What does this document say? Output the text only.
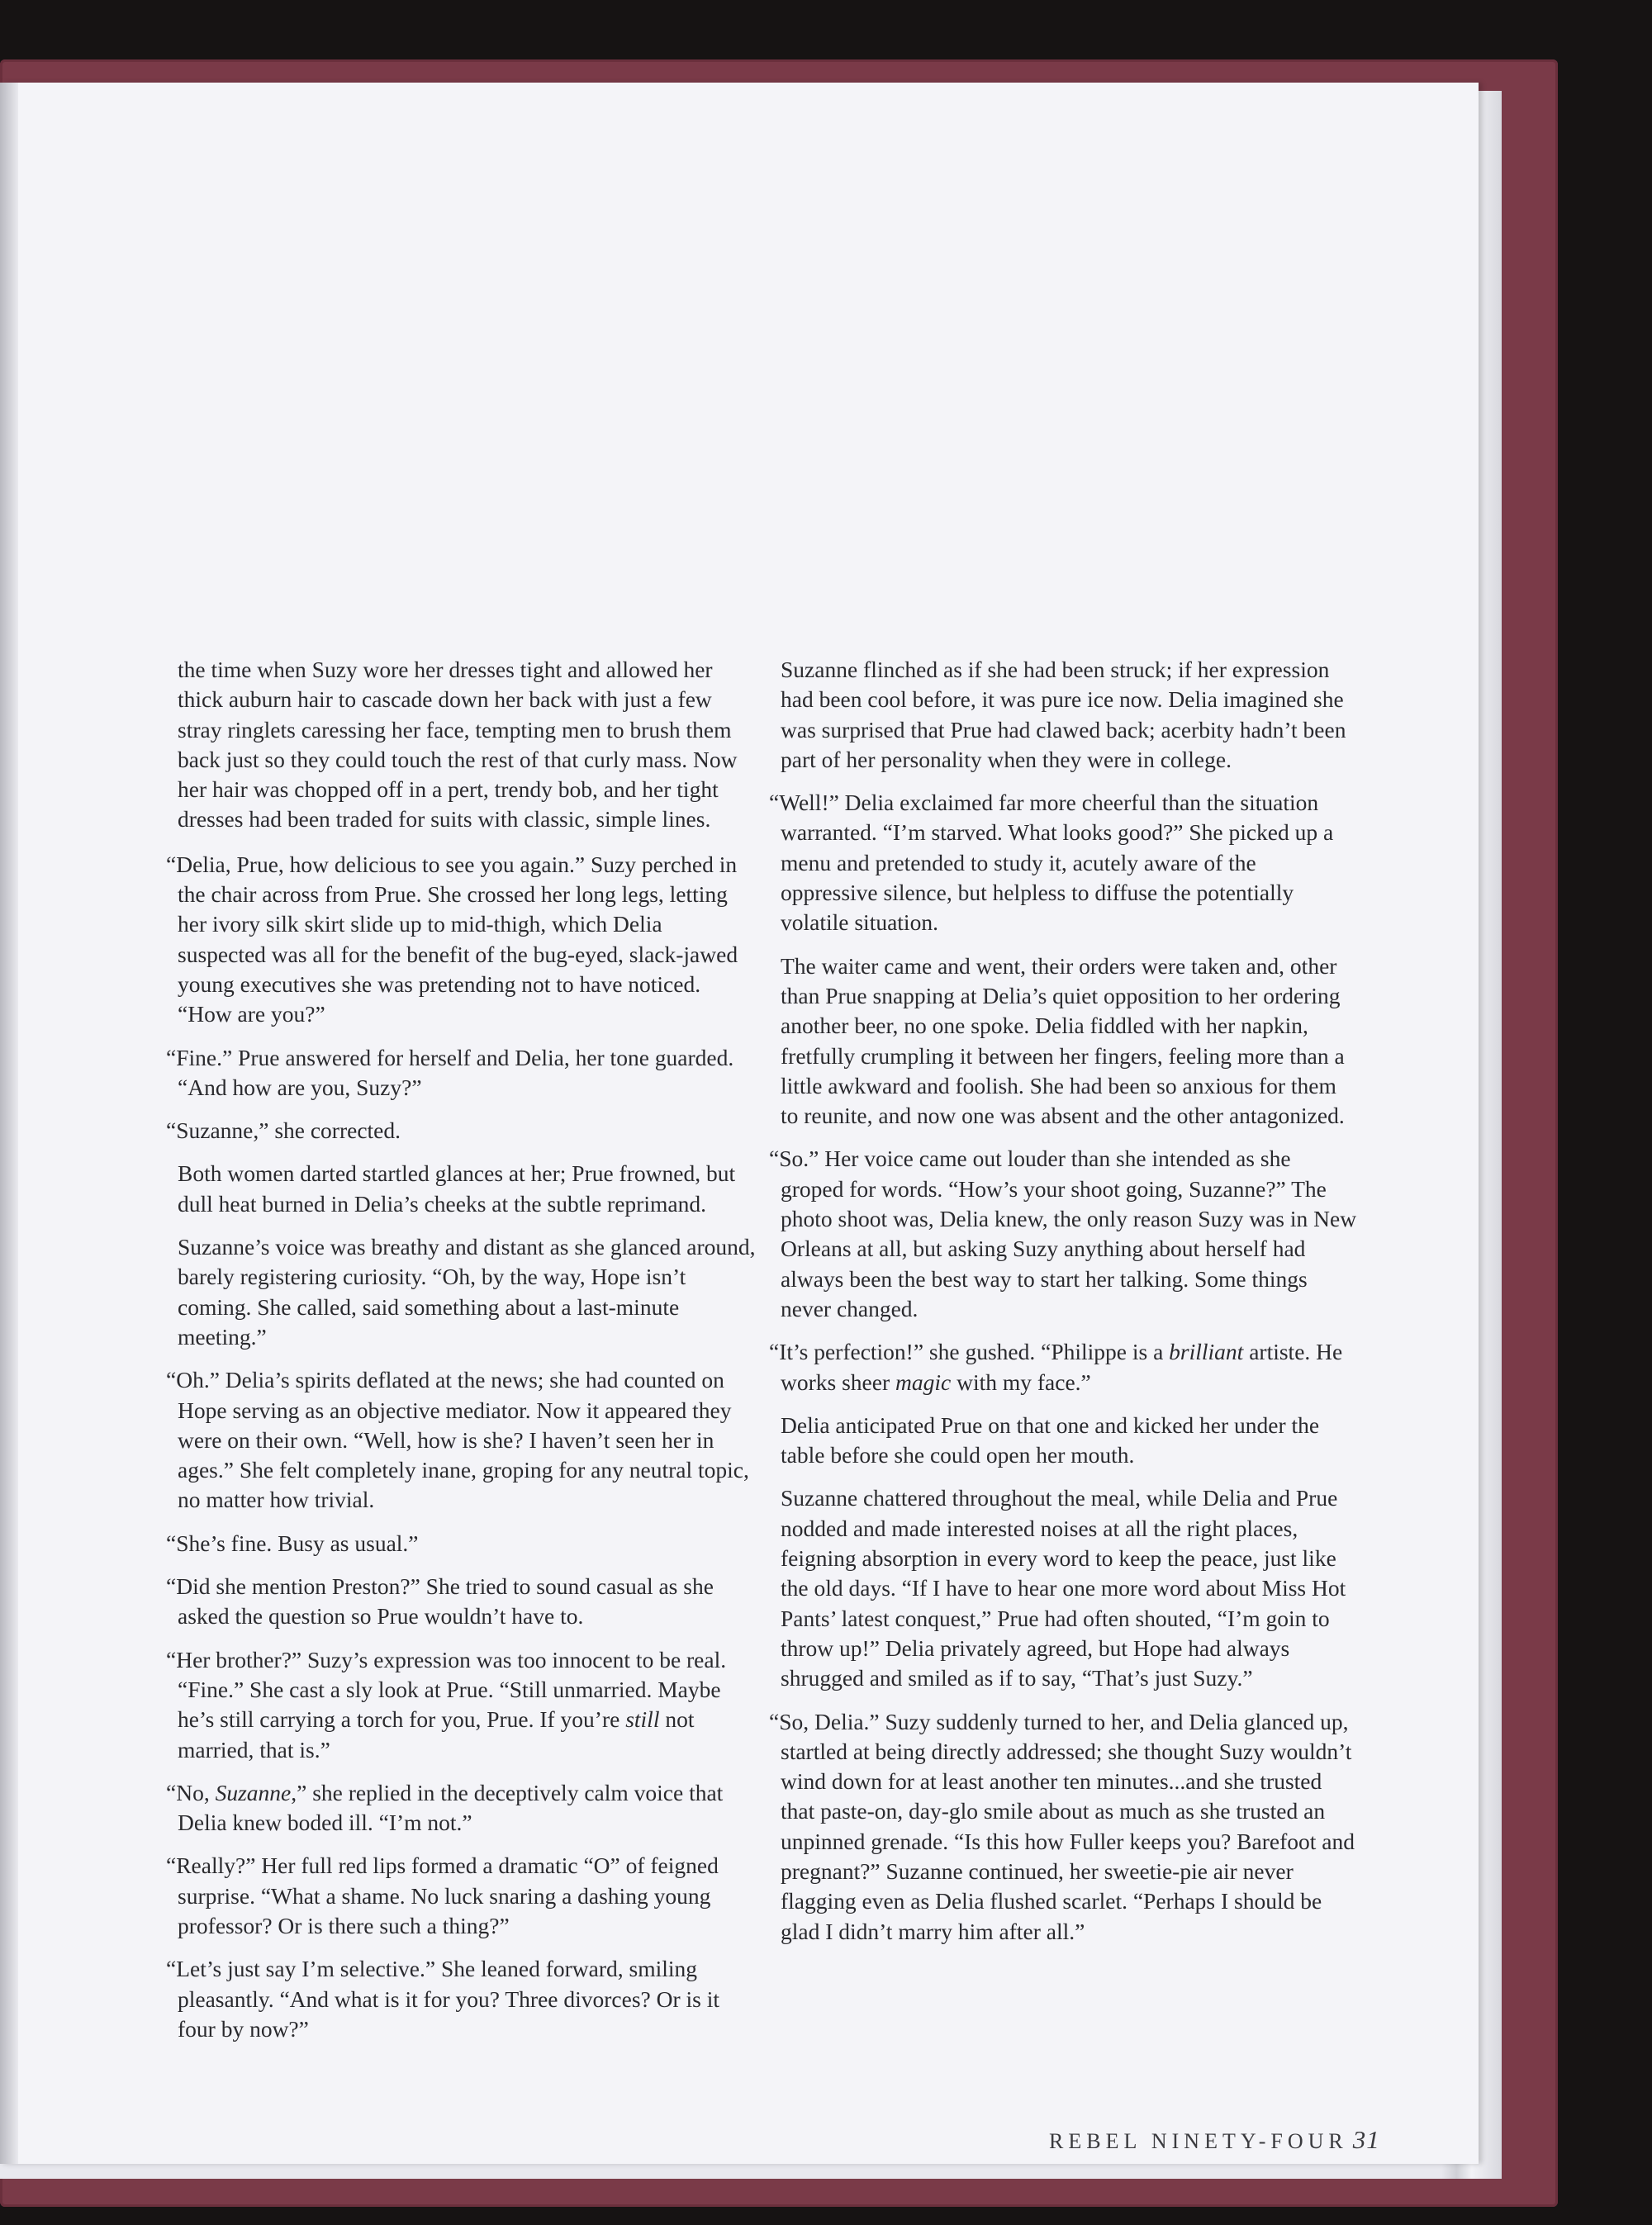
the time when Suzy wore her dresses tight and allowed her thick auburn hair to cascade down her back with just a few stray ringlets caressing her face, tempting men to brush them back just so they could touch the rest of that curly mass. Now her hair was chopped off in a pert, trendy bob, and her tight dresses had been traded for suits with classic, simple lines.

“Delia, Prue, how delicious to see you again.” Suzy perched in the chair across from Prue. She crossed her long legs, letting her ivory silk skirt slide up to mid-thigh, which Delia suspected was all for the benefit of the bug-eyed, slack-jawed young executives she was pretending not to have noticed. “How are you?”

“Fine.” Prue answered for herself and Delia, her tone guarded. “And how are you, Suzy?”

“Suzanne,” she corrected.

Both women darted startled glances at her; Prue frowned, but dull heat burned in Delia’s cheeks at the subtle reprimand.

Suzanne’s voice was breathy and distant as she glanced around, barely registering curiosity. “Oh, by the way, Hope isn’t coming. She called, said something about a last-minute meeting.”

“Oh.” Delia’s spirits deflated at the news; she had counted on Hope serving as an objective mediator. Now it appeared they were on their own. “Well, how is she? I haven’t seen her in ages.” She felt completely inane, groping for any neutral topic, no matter how trivial.

“She’s fine. Busy as usual.”

“Did she mention Preston?” She tried to sound casual as she asked the question so Prue wouldn’t have to.

“Her brother?” Suzy’s expression was too innocent to be real. “Fine.” She cast a sly look at Prue. “Still unmarried. Maybe he’s still carrying a torch for you, Prue. If you’re still not married, that is.”

“No, Suzanne,” she replied in the deceptively calm voice that Delia knew boded ill. “I’m not.”

“Really?” Her full red lips formed a dramatic “O” of feigned surprise. “What a shame. No luck snaring a dashing young professor? Or is there such a thing?”

“Let’s just say I’m selective.” She leaned forward, smiling pleasantly. “And what is it for you? Three divorces? Or is it four by now?”

Suzanne flinched as if she had been struck; if her expression had been cool before, it was pure ice now. Delia imagined she was surprised that Prue had clawed back; acerbity hadn’t been part of her personality when they were in college.

“Well!” Delia exclaimed far more cheerful than the situation warranted. “I’m starved. What looks good?” She picked up a menu and pretended to study it, acutely aware of the oppressive silence, but helpless to diffuse the potentially volatile situation.

The waiter came and went, their orders were taken and, other than Prue snapping at Delia’s quiet opposition to her ordering another beer, no one spoke. Delia fiddled with her napkin, fretfully crumpling it between her fingers, feeling more than a little awkward and foolish. She had been so anxious for them to reunite, and now one was absent and the other antagonized.

“So.” Her voice came out louder than she intended as she groped for words. “How’s your shoot going, Suzanne?” The photo shoot was, Delia knew, the only reason Suzy was in New Orleans at all, but asking Suzy anything about herself had always been the best way to start her talking. Some things never changed.

“It’s perfection!” she gushed. “Philippe is a brilliant artiste. He works sheer magic with my face.”

Delia anticipated Prue on that one and kicked her under the table before she could open her mouth.

Suzanne chattered throughout the meal, while Delia and Prue nodded and made interested noises at all the right places, feigning absorption in every word to keep the peace, just like the old days. “If I have to hear one more word about Miss Hot Pants’ latest conquest,” Prue had often shouted, “I’m goin to throw up!” Delia privately agreed, but Hope had always shrugged and smiled as if to say, “That’s just Suzy.”

“So, Delia.” Suzy suddenly turned to her, and Delia glanced up, startled at being directly addressed; she thought Suzy wouldn’t wind down for at least another ten minutes...and she trusted that paste-on, day-glo smile about as much as she trusted an unpinned grenade. “Is this how Fuller keeps you? Barefoot and pregnant?” Suzanne continued, her sweetie-pie air never flagging even as Delia flushed scarlet. “Perhaps I should be glad I didn’t marry him after all.”

REBEL NINETY-FOUR 31
